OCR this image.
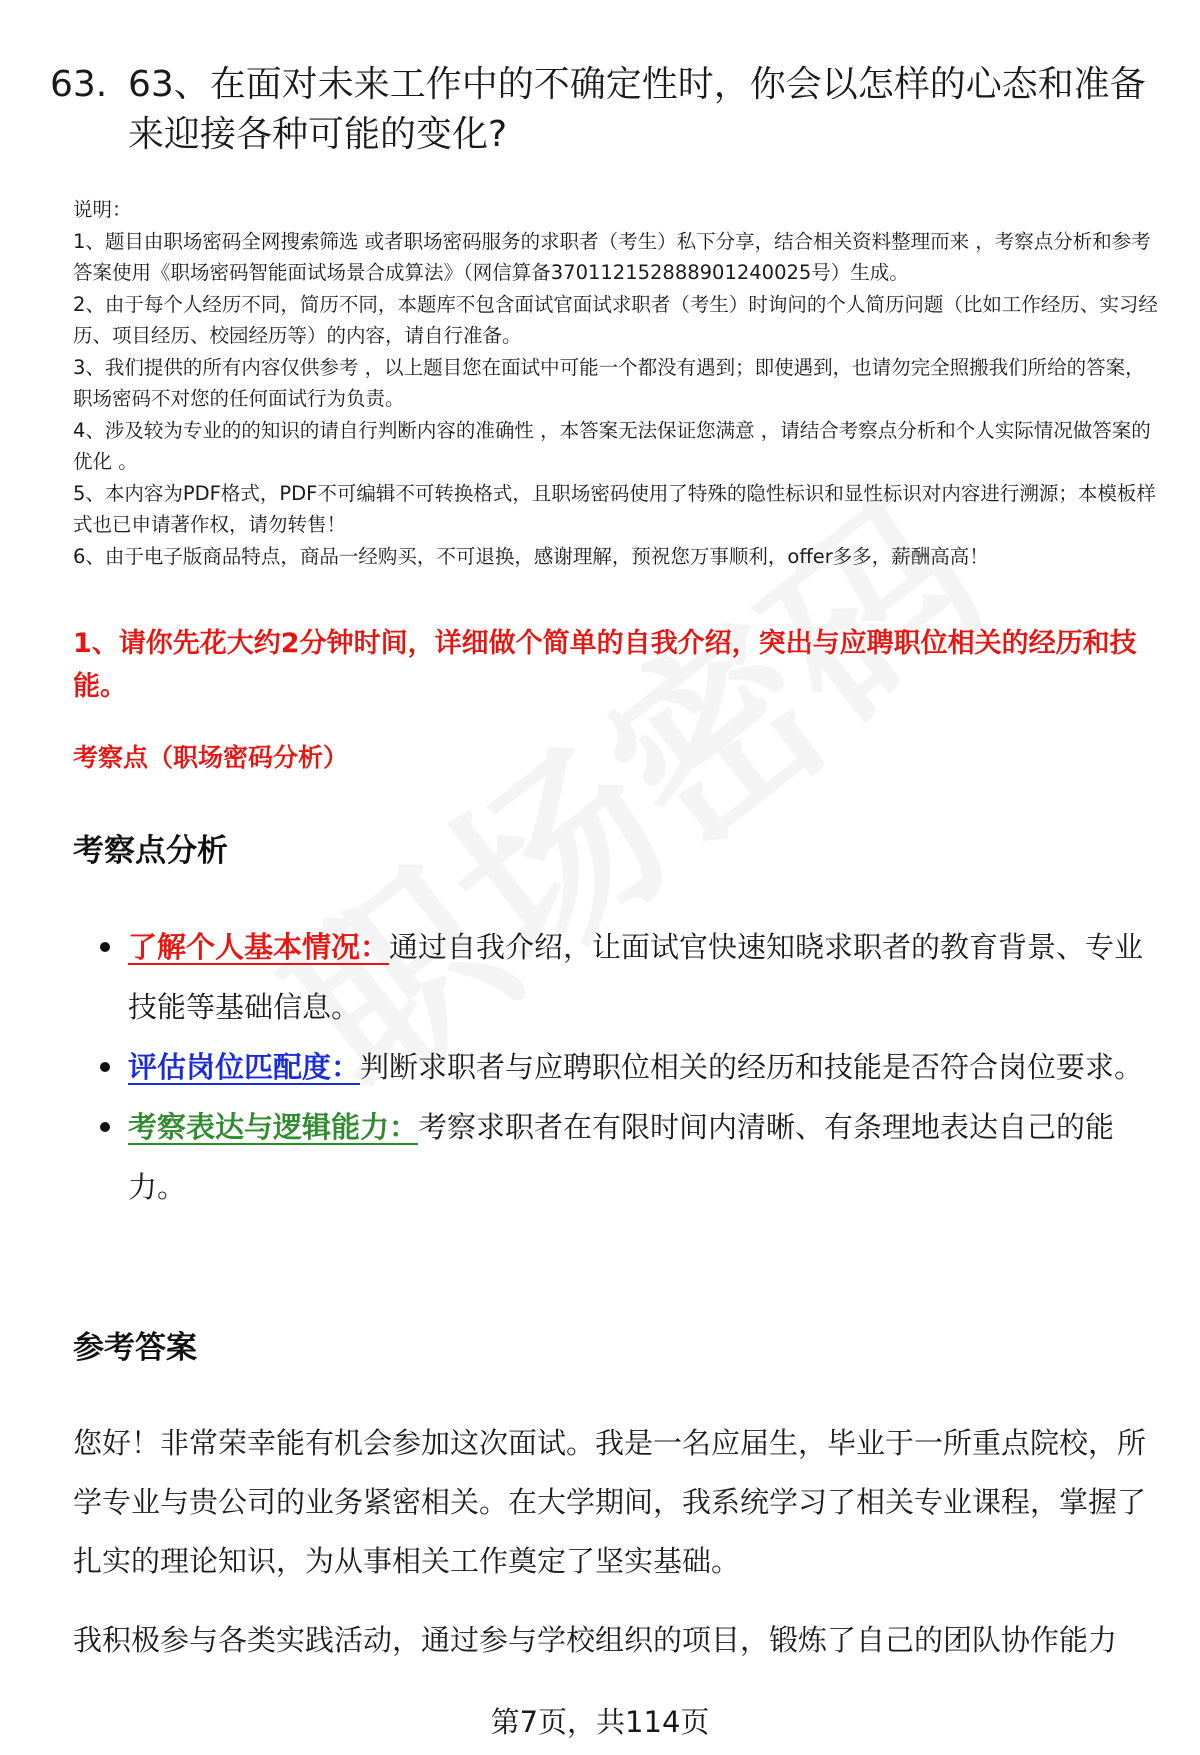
63. 63、在面对未来工作中的不确定性时，你会以怎样的心态和准备来迎接各种可能的变化?

说明：

1、题目由职场密码全网搜索筛选 或者职场密码服务的求职者（考生）私下分享，结合相关资料整理而来 ，考察点分析和参考答案使用《职场密码智能面试场景合成算法》（网信算备370112152888901240025号）生成。

2、由于每个人经历不同，简历不同，本题库不包含面试官面试求职者（考生）时询问的个人简历问题（比如工作经历、实习经历、项目经历、校园经历等）的内容，请自行准备。

3、我们提供的所有内容仅供参考 ，以上题目您在面试中可能一个都没有遇到；即使遇到，也请勿完全照搬我们所给的答案，职场密码不对您的任何面试行为负责。

4、涉及较为专业的的知识的请自行判断内容的准确性 ，本答案无法保证您满意 ，请结合考察点分析和个人实际情况做答案的优化 。

5、本内容为PDF格式，PDF不可编辑不可转换格式，且职场密码使用了特殊的隐性标识和显性标识对内容进行溯源；本模板样式也已申请著作权，请勿转售！

6、由于电子版商品特点，商品一经购买，不可退换，感谢理解，预祝您万事顺利，offer多多，薪酬高高！

1、请你先花大约2分钟时间，详细做个简单的自我介绍，突出与应聘职位相关的经历和技能。
考察点（职场密码分析）
考察点分析
了解个人基本情况：通过自我介绍，让面试官快速知晓求职者的教育背景、专业技能等基础信息。
评估岗位匹配度：判断求职者与应聘职位相关的经历和技能是否符合岗位要求。
考察表达与逻辑能力：考察求职者在有限时间内清晰、有条理地表达自己的能力。
参考答案

您好！非常荣幸能有机会参加这次面试。我是一名应届生，毕业于一所重点院校，所学专业与贵公司的业务紧密相关。在大学期间，我系统学习了相关专业课程，掌握了扎实的理论知识，为从事相关工作奠定了坚实基础。

我积极参与各类实践活动，通过参与学校组织的项目，锻炼了自己的团队协作能力

第7页，共114页
